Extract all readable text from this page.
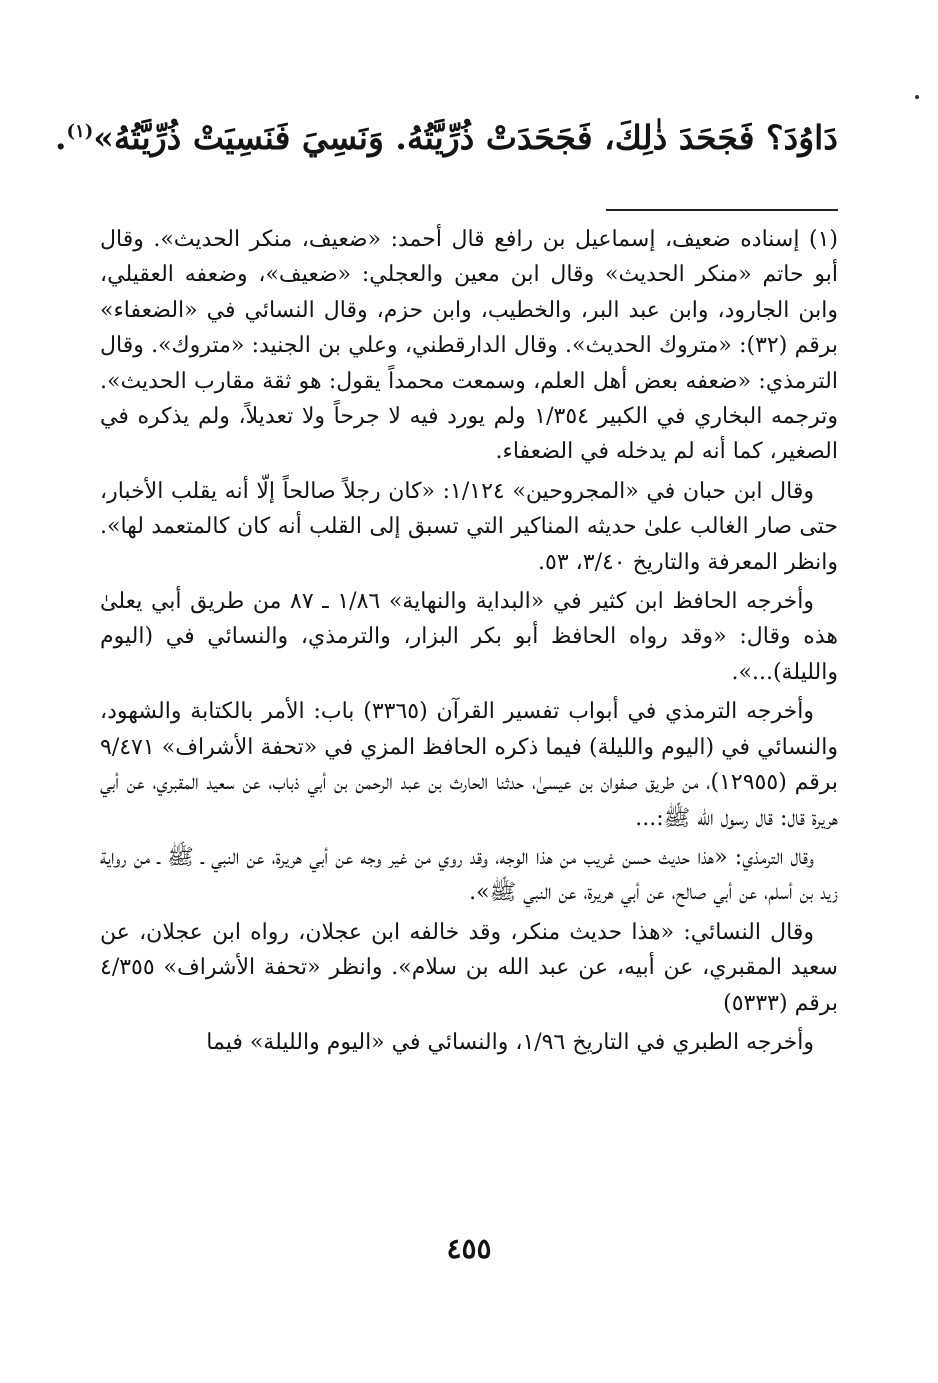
دَاوُدَ؟ فَجَحَدَ ذٰلِكَ، فَجَحَدَتْ ذُرِّيَّتُهُ. وَنَسِيَ فَنَسِيَتْ ذُرِّيَّتُهُ»$^{(١)}$.

(١) إسناده ضعيف، إسماعيل بن رافع قال أحمد: «ضعيف، منكر الحديث». وقال أبو حاتم «منكر الحديث» وقال ابن معين والعجلي: «ضعيف»، وضعفه العقيلي، وابن الجارود، وابن عبد البر، والخطيب، وابن حزم، وقال النسائي في «الضعفاء» برقم (٣٢): «متروك الحديث». وقال الدارقطني، وعلي بن الجنيد: «متروك». وقال الترمذي: «ضعفه بعض أهل العلم، وسمعت محمداً يقول: هو ثقة مقارب الحديث». وترجمه البخاري في الكبير ١/٣٥٤ ولم يورد فيه لا جرحاً ولا تعديلاً، ولم يذكره في الصغير، كما أنه لم يدخله في الضعفاء.

وقال ابن حبان في «المجروحين» ١/١٢٤: «كان رجلاً صالحاً إلّا أنه يقلب الأخبار، حتى صار الغالب علىٰ حديثه المناكير التي تسبق إلى القلب أنه كان كالمتعمد لها». وانظر المعرفة والتاريخ ٣/٤٠، ٥٣.

وأخرجه الحافظ ابن كثير في «البداية والنهاية» ١/٨٦ ـ ٨٧ من طريق أبي يعلىٰ هذه وقال: «وقد رواه الحافظ أبو بكر البزار، والترمذي، والنسائي في (اليوم والليلة)...».

وأخرجه الترمذي في أبواب تفسير القرآن (٣٣٦٥) باب: الأمر بالكتابة والشهود، والنسائي في (اليوم والليلة) فيما ذكره الحافظ المزي في «تحفة الأشراف» ٩/٤٧١ برقم (١٢٩٥٥)، من طريق صفوان بن عيسىٰ، حدثنا الحارث بن عبد الرحمن بن أبي ذباب، عن سعيد المقبري، عن أبي هريرة قال: قال رسول الله ﷺ:...

وقال الترمذي: «هذا حديث حسن غريب من هذا الوجه، وقد روي من غير وجه عن أبي هريرة، عن النبي ـ ﷺ ـ من رواية زيد بن أسلم، عن أبي صالح، عن أبي هريرة، عن النبي ﷺ».

وقال النسائي: «هذا حديث منكر، وقد خالفه ابن عجلان، رواه ابن عجلان، عن سعيد المقبري، عن أبيه، عن عبد الله بن سلام». وانظر «تحفة الأشراف» ٤/٣٥٥ برقم (٥٣٣٣)

وأخرجه الطبري في التاريخ ١/٩٦، والنسائي في «اليوم والليلة» فيما

٤٥٥
